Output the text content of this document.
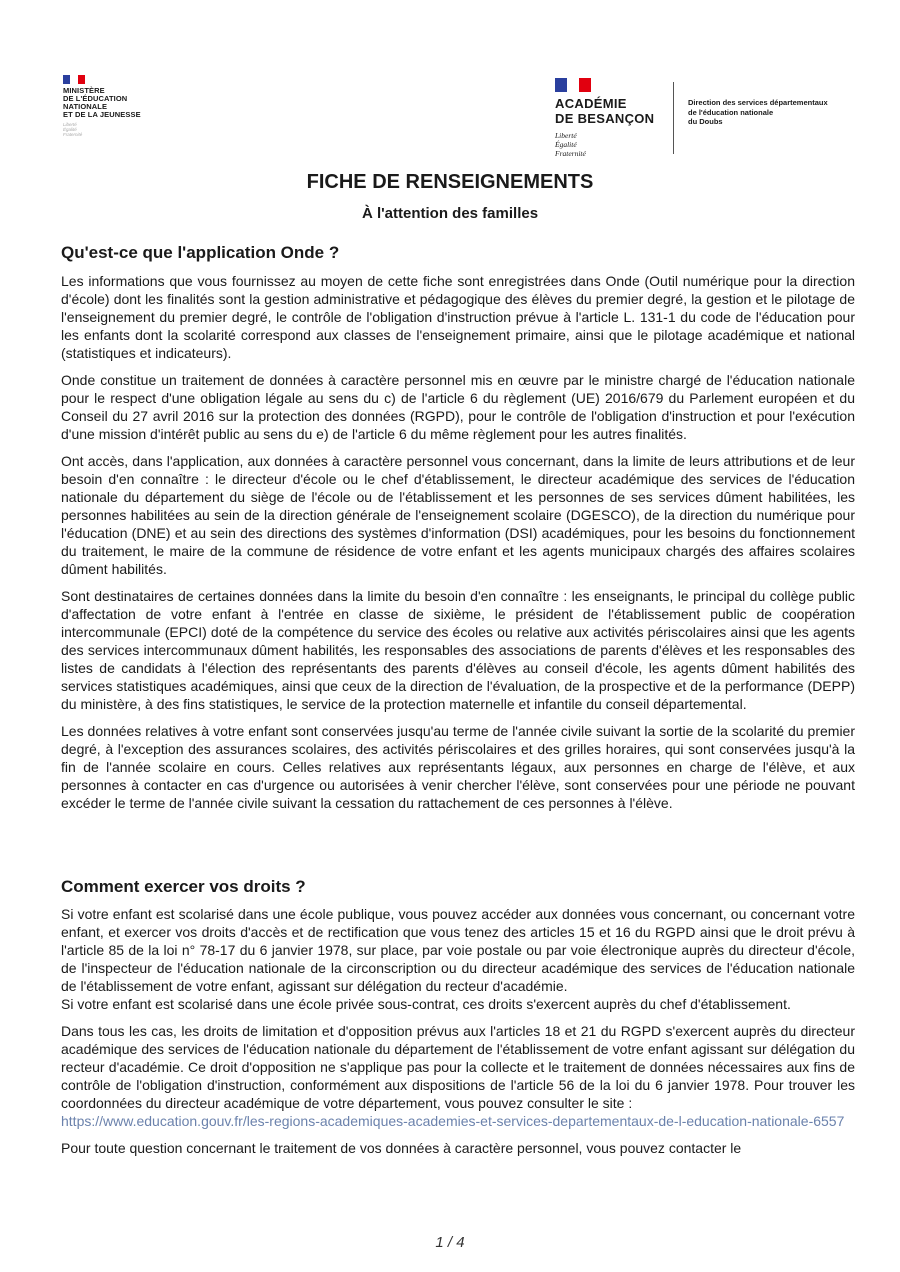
MINISTÈRE
DE L'ÉDUCATION
NATIONALE
ET DE LA JEUNESSE
Liberté
Égalité
Fraternité
ACADÉMIE
DE BESANÇON
Liberté
Égalité
Fraternité
Direction des services départementaux
de l'éducation nationale
du Doubs
FICHE DE RENSEIGNEMENTS
À l'attention des familles
Qu'est-ce que l'application Onde ?

Les informations que vous fournissez au moyen de cette fiche sont enregistrées dans Onde (Outil numérique pour la direction d'école) dont les finalités sont la gestion administrative et pédagogique des élèves du premier degré, la gestion et le pilotage de l'enseignement du premier degré, le contrôle de l'obligation d'instruction prévue à l'article L. 131-1 du code de l'éducation pour les enfants dont la scolarité correspond aux classes de l'enseignement primaire, ainsi que le pilotage académique et national (statistiques et indicateurs).

Onde constitue un traitement de données à caractère personnel mis en œuvre par le ministre chargé de l'éducation nationale pour le respect d'une obligation légale au sens du c) de l'article 6 du règlement (UE) 2016/679 du Parlement européen et du Conseil du 27 avril 2016 sur la protection des données (RGPD), pour le contrôle de l'obligation d'instruction et pour l'exécution d'une mission d'intérêt public au sens du e) de l'article 6 du même règlement pour les autres finalités.

Ont accès, dans l'application, aux données à caractère personnel vous concernant, dans la limite de leurs attributions et de leur besoin d'en connaître : le directeur d'école ou le chef d'établissement, le directeur académique des services de l'éducation nationale du département du siège de l'école ou de l'établissement et les personnes de ses services dûment habilitées, les personnes habilitées au sein de la direction générale de l'enseignement scolaire (DGESCO), de la direction du numérique pour l'éducation (DNE) et au sein des directions des systèmes d'information (DSI) académiques, pour les besoins du fonctionnement du traitement, le maire de la commune de résidence de votre enfant et les agents municipaux chargés des affaires scolaires dûment habilités.

Sont destinataires de certaines données dans la limite du besoin d'en connaître : les enseignants, le principal du collège public d'affectation de votre enfant à l'entrée en classe de sixième, le président de l'établissement public de coopération intercommunale (EPCI) doté de la compétence du service des écoles ou relative aux activités périscolaires ainsi que les agents des services intercommunaux dûment habilités, les responsables des associations de parents d'élèves et les responsables des listes de candidats à l'élection des représentants des parents d'élèves au conseil d'école, les agents dûment habilités des services statistiques académiques, ainsi que ceux de la direction de l'évaluation, de la prospective et de la performance (DEPP) du ministère, à des fins statistiques, le service de la protection maternelle et infantile du conseil départemental.

Les données relatives à votre enfant sont conservées jusqu'au terme de l'année civile suivant la sortie de la scolarité du premier degré, à l'exception des assurances scolaires, des activités périscolaires et des grilles horaires, qui sont conservées jusqu'à la fin de l'année scolaire en cours. Celles relatives aux représentants légaux, aux personnes en charge de l'élève, et aux personnes à contacter en cas d'urgence ou autorisées à venir chercher l'élève, sont conservées pour une période ne pouvant excéder le terme de l'année civile suivant la cessation du rattachement de ces personnes à l'élève.

Comment exercer vos droits ?

Si votre enfant est scolarisé dans une école publique, vous pouvez accéder aux données vous concernant, ou concernant votre enfant, et exercer vos droits d'accès et de rectification que vous tenez des articles 15 et 16 du RGPD ainsi que le droit prévu à l'article 85 de la loi n° 78-17 du 6 janvier 1978, sur place, par voie postale ou par voie électronique auprès du directeur d'école, de l'inspecteur de l'éducation nationale de la circonscription ou du directeur académique des services de l'éducation nationale de l'établissement de votre enfant, agissant sur délégation du recteur d'académie.

Si votre enfant est scolarisé dans une école privée sous-contrat, ces droits s'exercent auprès du chef d'établissement.

Dans tous les cas, les droits de limitation et d'opposition prévus aux l'articles 18 et 21 du RGPD s'exercent auprès du directeur académique des services de l'éducation nationale du département de l'établissement de votre enfant agissant sur délégation du recteur d'académie. Ce droit d'opposition ne s'applique pas pour la collecte et le traitement de données nécessaires aux fins de contrôle de l'obligation d'instruction, conformément aux dispositions de l'article 56 de la loi du 6 janvier 1978. Pour trouver les coordonnées du directeur académique de votre département, vous pouvez consulter le site :

https://www.education.gouv.fr/les-regions-academiques-academies-et-services-departementaux-de-l-education-nationale-6557

Pour toute question concernant le traitement de vos données à caractère personnel, vous pouvez contacter le

1 / 4
